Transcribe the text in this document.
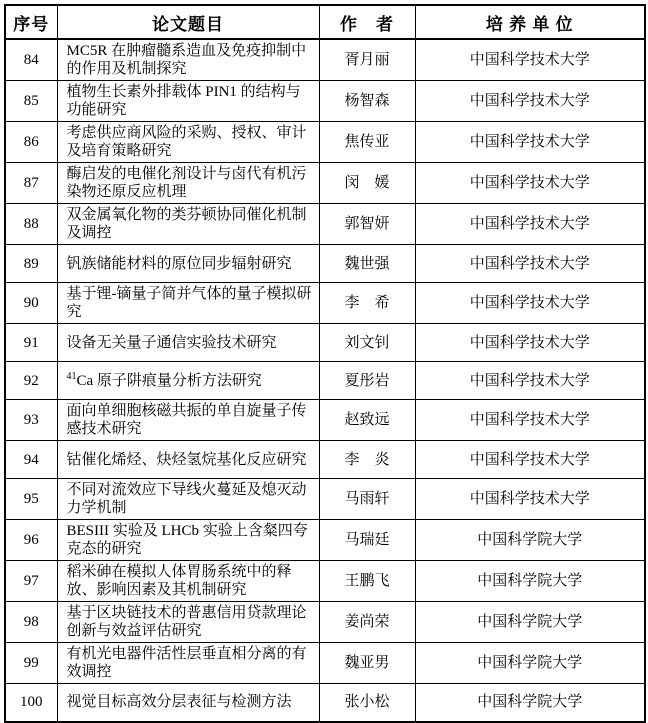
序号	论文题目	作　者	培 养 单 位
84	MC5R 在肿瘤髓系造血及免疫抑制中的作用及机制探究	胥月丽	中国科学技术大学
85	植物生长素外排载体 PIN1 的结构与功能研究	杨智森	中国科学技术大学
86	考虑供应商风险的采购、授权、审计及培育策略研究	焦传亚	中国科学技术大学
87	酶启发的电催化剂设计与卤代有机污染物还原反应机理	闵　媛	中国科学技术大学
88	双金属氧化物的类芬顿协同催化机制及调控	郭智妍	中国科学技术大学
89	钒族储能材料的原位同步辐射研究	魏世强	中国科学技术大学
90	基于锂-镝量子简并气体的量子模拟研究	李　希	中国科学技术大学
91	设备无关量子通信实验技术研究	刘文钊	中国科学技术大学
92	$^{41}$Ca 原子阱痕量分析方法研究	夏彤岩	中国科学技术大学
93	面向单细胞核磁共振的单自旋量子传感技术研究	赵致远	中国科学技术大学
94	钴催化烯烃、炔烃氢烷基化反应研究	李　炎	中国科学技术大学
95	不同对流效应下导线火蔓延及熄灭动力学机制	马雨轩	中国科学技术大学
96	BESIII 实验及 LHCb 实验上含粲四夸克态的研究	马瑞廷	中国科学院大学
97	稻米砷在模拟人体胃肠系统中的释放、影响因素及其机制研究	王鹏飞	中国科学院大学
98	基于区块链技术的普惠信用贷款理论创新与效益评估研究	姜尚荣	中国科学院大学
99	有机光电器件活性层垂直相分离的有效调控	魏亚男	中国科学院大学
100	视觉目标高效分层表征与检测方法	张小松	中国科学院大学
